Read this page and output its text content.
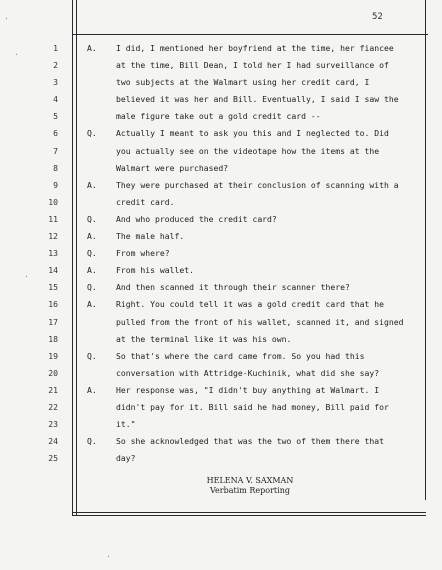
52
1	A. I did, I mentioned her boyfriend at the time, her fiancee
2	at the time, Bill Dean, I told her I had surveillance of
3	two subjects at the Walmart using her credit card, I
4	believed it was her and Bill. Eventually, I said I saw the
5	male figure take out a gold credit card --
6	Q. Actually I meant to ask you this and I neglected to. Did
7	you actually see on the videotape how the items at the
8	Walmart were purchased?
9	A. They were purchased at their conclusion of scanning with a
10	credit card.
11	Q. And who produced the credit card?
12	A. The male half.
13	Q. From where?
14	A. From his wallet.
15	Q. And then scanned it through their scanner there?
16	A. Right. You could tell it was a gold credit card that he
17	pulled from the front of his wallet, scanned it, and signed
18	at the terminal like it was his own.
19	Q. So that's where the card came from. So you had this
20	conversation with Attridge-Kuchinik, what did she say?
21	A. Her response was, "I didn't buy anything at Walmart. I
22	didn't pay for it. Bill said he had money, Bill paid for
23	it."
24	Q. So she acknowledged that was the two of them there that
25	day?
HELENA V. SAXMAN
Verbatim Reporting
·
·
·
·
